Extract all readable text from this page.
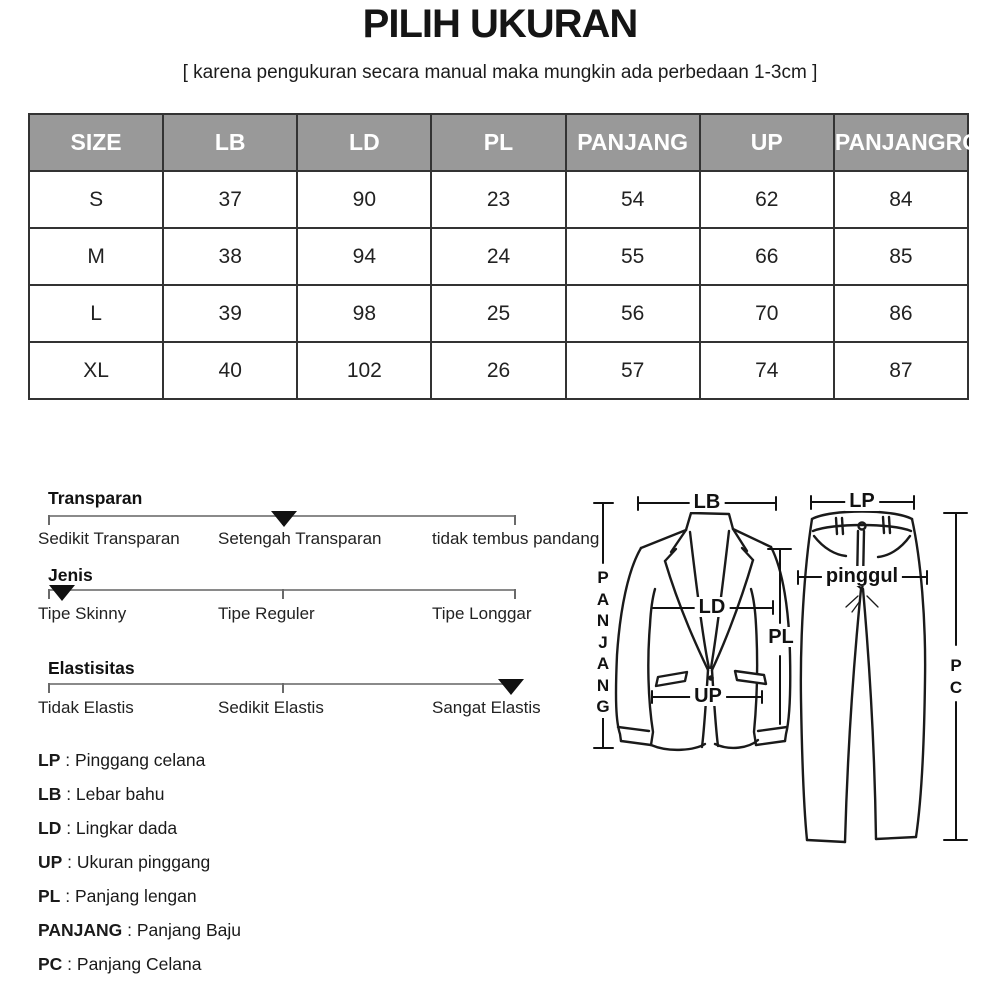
PILIH UKURAN
[ karena pengukuran secara manual maka mungkin ada perbedaan 1-3cm ]
SIZE	LB	LD	PL	PANJANG	UP	PANJANGRO
S	37	90	23	54	62	84
M	38	94	24	55	66	85
L	39	98	25	56	70	86
XL	40	102	26	57	74	87
Transparan
Sedikit Transparan Setengah Transparan	tidak tembus pandang
Jenis
Tipe Skinny	Tipe Reguler	Tipe Longgar
Elastisitas
Tidak Elastis	Sedikit Elastis	Sangat Elastis
LP : Pinggang celana
LB : Lebar bahu
LD : Lingkar dada
UP : Ukuran pinggang
PL : Panjang lengan
PANJANG : Panjang Baju
PC : Panjang Celana
LB	LP
LD
UP
PL
pinggul
PANJANG
PC
